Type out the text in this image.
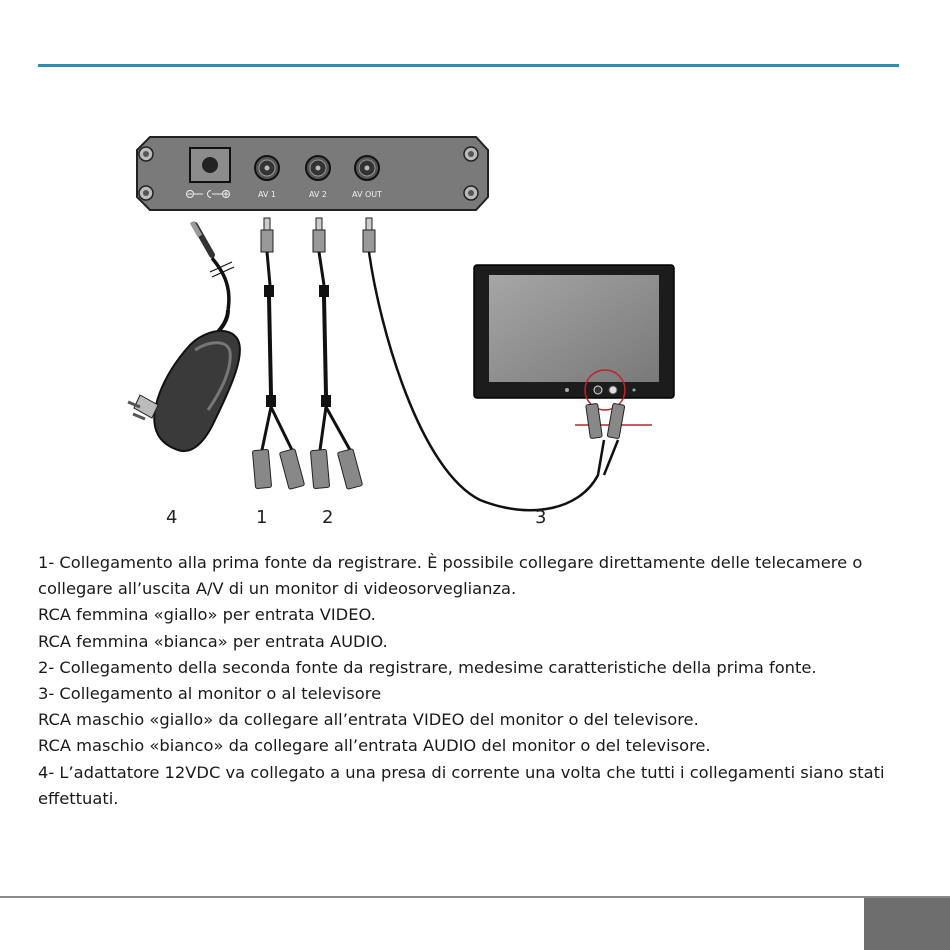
AV 1	AV 2	AV OUT
4	1	2	3

1- Collegamento alla prima fonte da registrare. È possibile collegare direttamente delle telecamere o collegare all’uscita A/V di un monitor di videosorveglianza.

RCA femmina «giallo» per entrata VIDEO.

RCA femmina «bianca» per entrata AUDIO.

2- Collegamento della seconda fonte da registrare, medesime caratteristiche della prima fonte.

3- Collegamento al monitor o al televisore

RCA maschio «giallo» da collegare all’entrata VIDEO del monitor o del televisore.

RCA maschio «bianco» da collegare all’entrata AUDIO del monitor o del televisore.

4- L’adattatore 12VDC va collegato a una presa di corrente una volta che tutti i collegamenti siano stati effettuati.
